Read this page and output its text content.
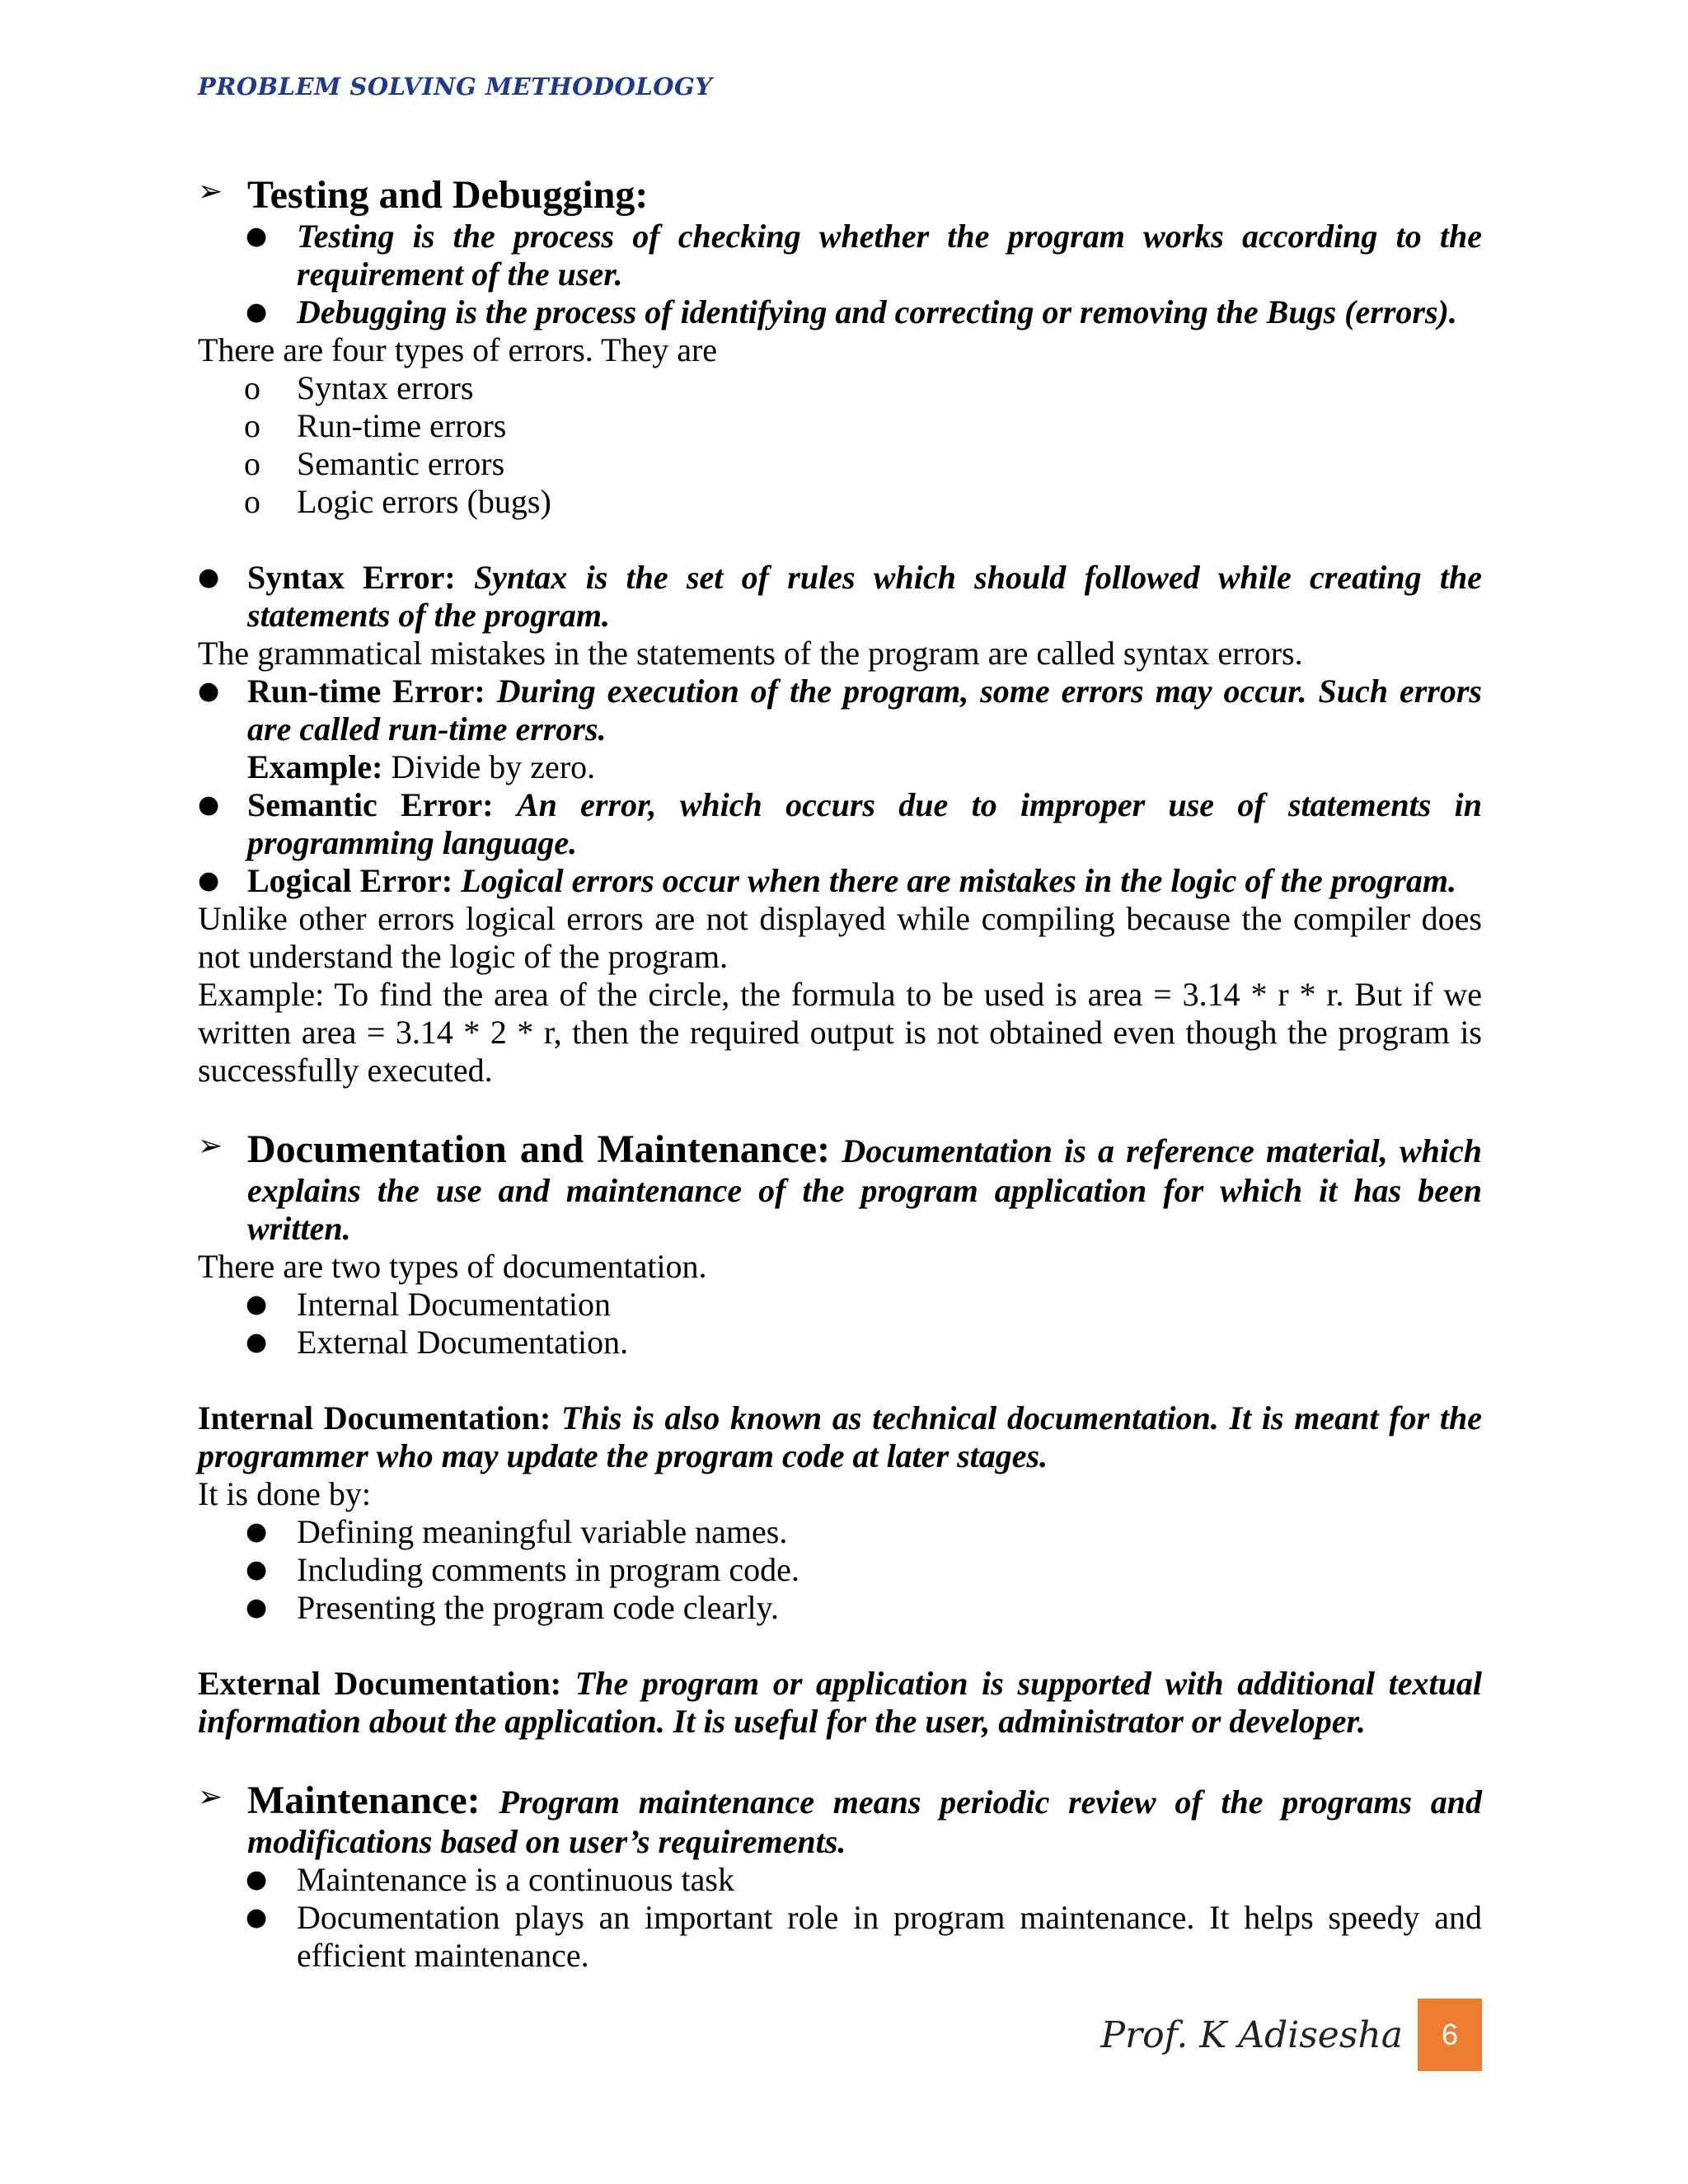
PROBLEM SOLVING METHODOLOGY
➢ Testing and Debugging:
● Testing is the process of checking whether the program works according to the requirement of the user.
● Debugging is the process of identifying and correcting or removing the Bugs (errors).
There are four types of errors. They are
o Syntax errors
o Run-time errors
o Semantic errors
o Logic errors (bugs)
● Syntax Error: Syntax is the set of rules which should followed while creating the statements of the program.
The grammatical mistakes in the statements of the program are called syntax errors.
● Run-time Error: During execution of the program, some errors may occur. Such errors are called run-time errors.
Example: Divide by zero.
● Semantic Error: An error, which occurs due to improper use of statements in programming language.
● Logical Error: Logical errors occur when there are mistakes in the logic of the program.
Unlike other errors logical errors are not displayed while compiling because the compiler does not understand the logic of the program.
Example: To find the area of the circle, the formula to be used is area = 3.14 * r * r. But if we written area = 3.14 * 2 * r, then the required output is not obtained even though the program is successfully executed.
➢ Documentation and Maintenance: Documentation is a reference material, which explains the use and maintenance of the program application for which it has been written.
There are two types of documentation.
● Internal Documentation
● External Documentation.
Internal Documentation: This is also known as technical documentation. It is meant for the programmer who may update the program code at later stages.
It is done by:
● Defining meaningful variable names.
● Including comments in program code.
● Presenting the program code clearly.
External Documentation: The program or application is supported with additional textual information about the application. It is useful for the user, administrator or developer.
➢ Maintenance: Program maintenance means periodic review of the programs and modifications based on user’s requirements.
● Maintenance is a continuous task
● Documentation plays an important role in program maintenance. It helps speedy and efficient maintenance.
Prof. K Adisesha	6
